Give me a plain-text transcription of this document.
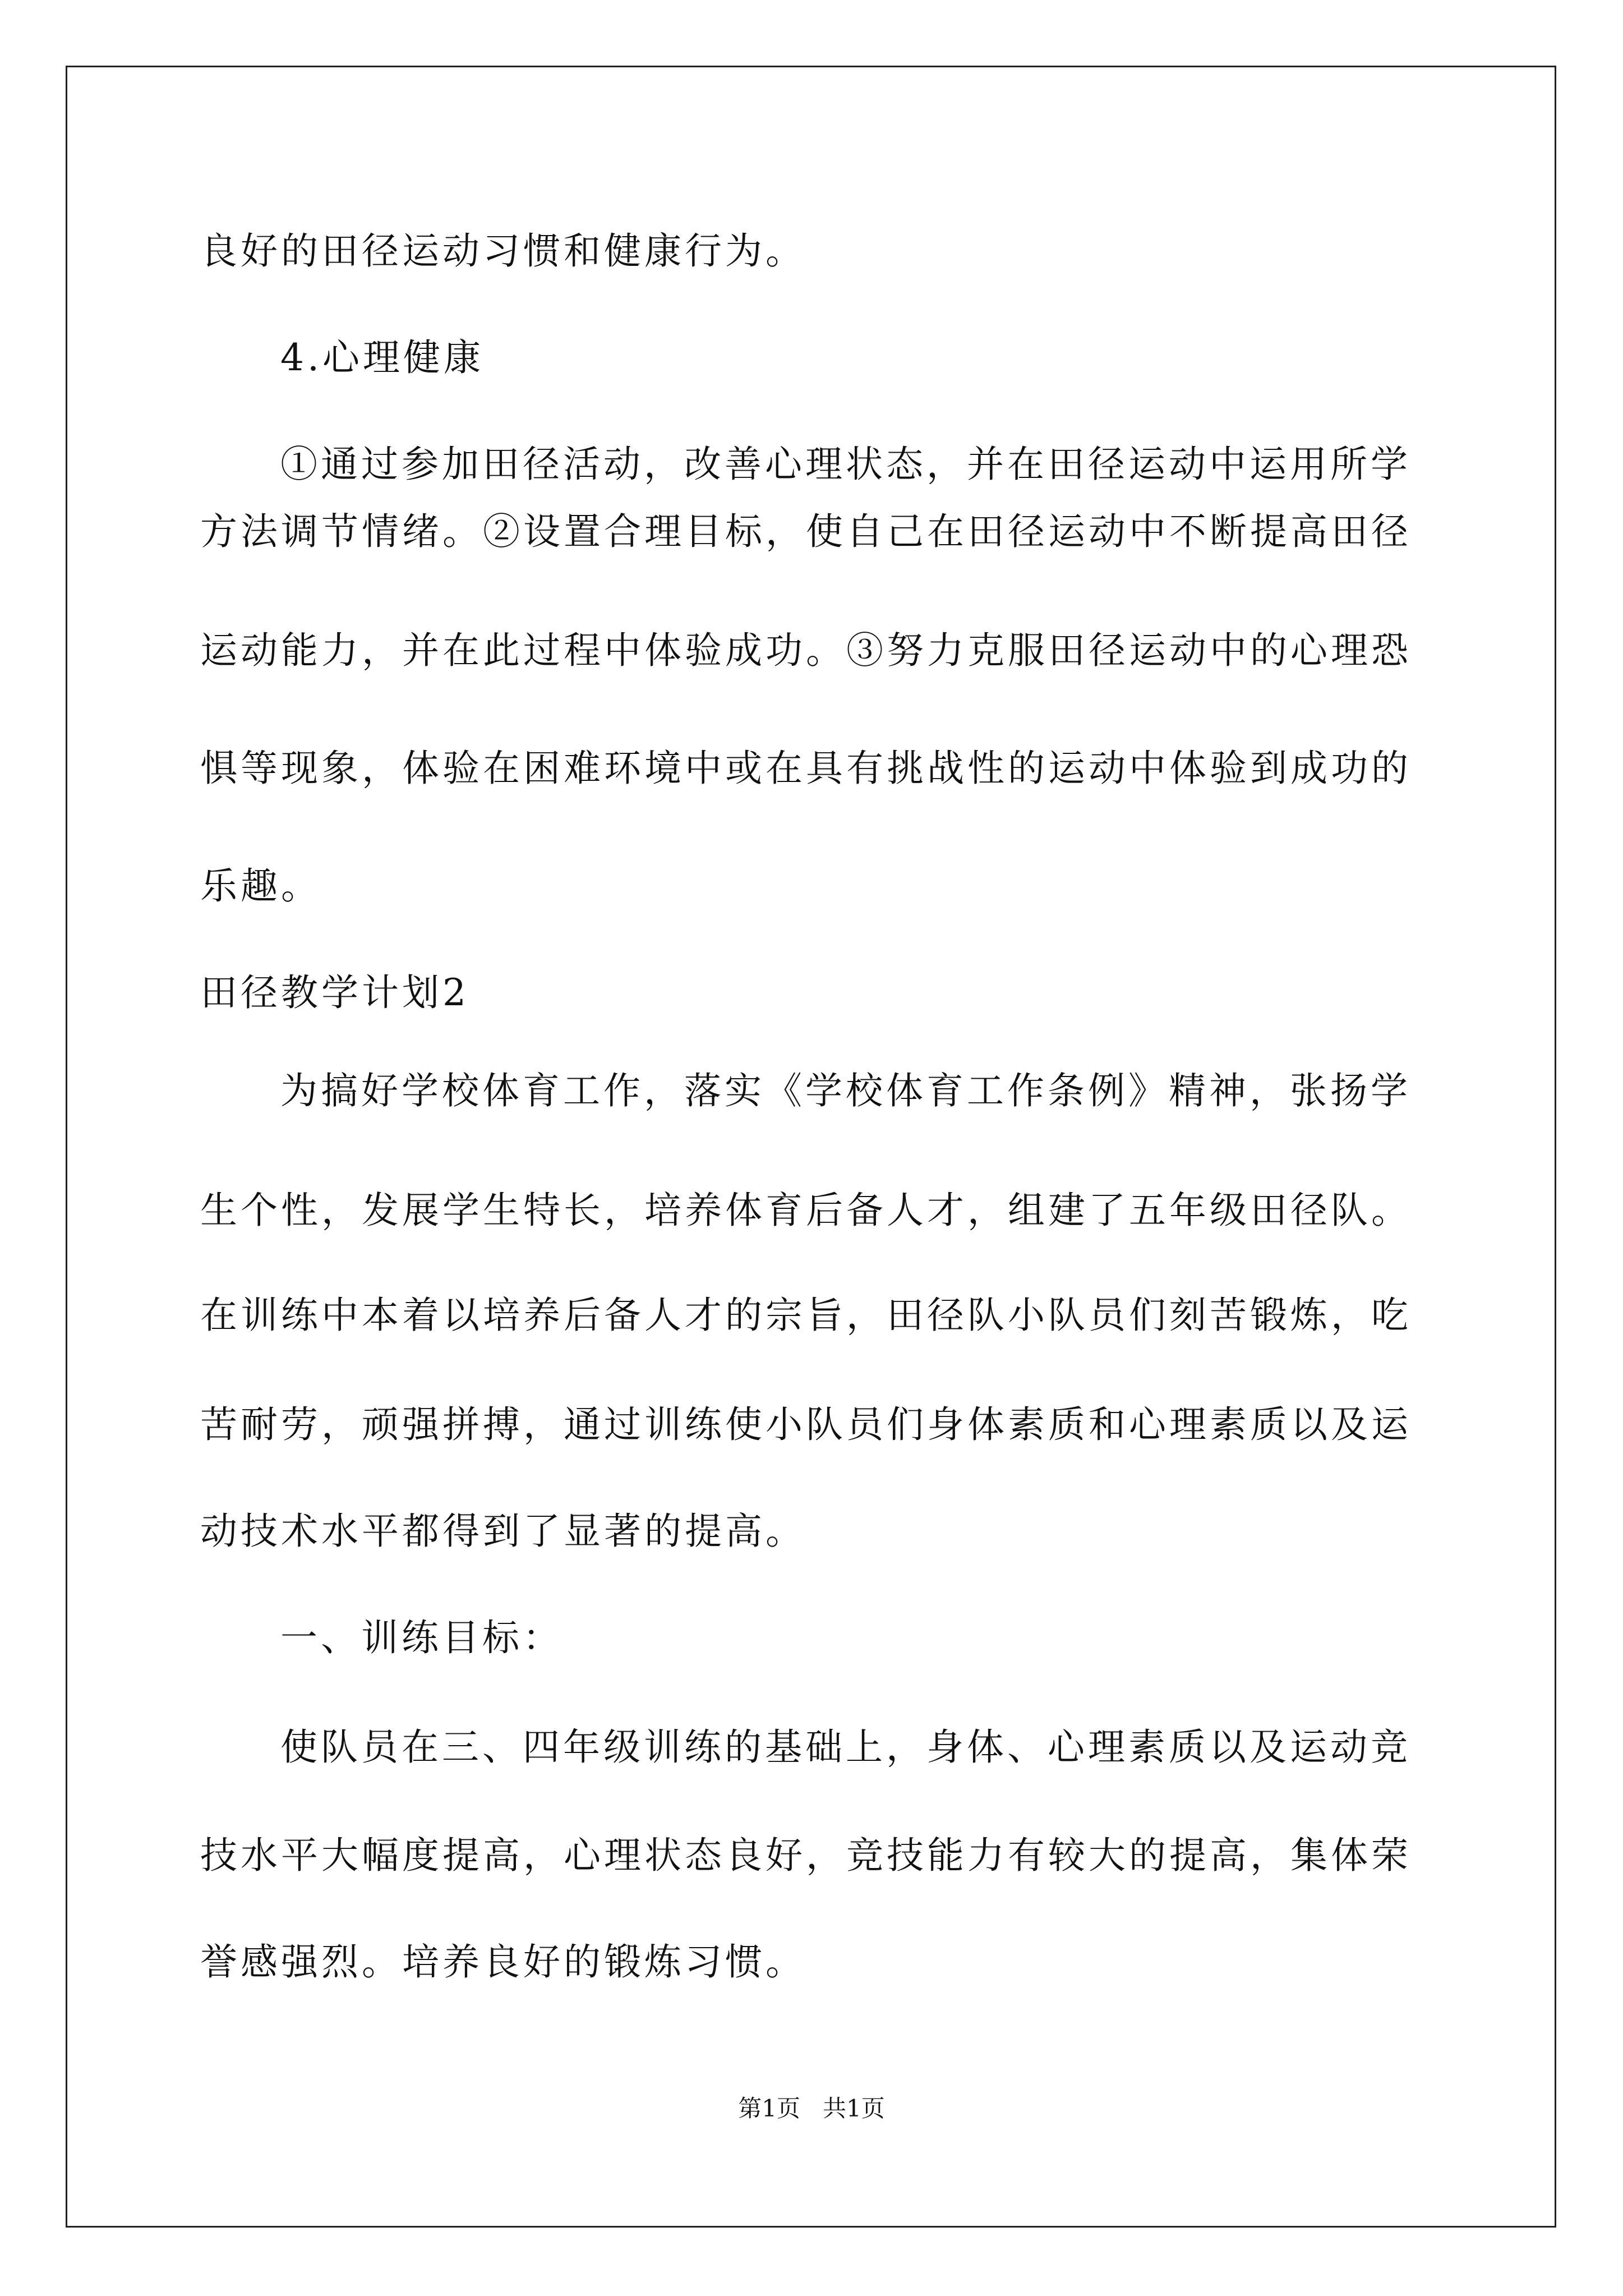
良好的田径运动习惯和健康行为。
4.心理健康
①通过参加田径活动，改善心理状态，并在田径运动中运用所学
方法调节情绪。②设置合理目标，使自己在田径运动中不断提高田径
运动能力，并在此过程中体验成功。③努力克服田径运动中的心理恐
惧等现象，体验在困难环境中或在具有挑战性的运动中体验到成功的
乐趣。
田径教学计划2
为搞好学校体育工作，落实《学校体育工作条例》精神，张扬学
生个性，发展学生特长，培养体育后备人才，组建了五年级田径队。
在训练中本着以培养后备人才的宗旨，田径队小队员们刻苦锻炼，吃
苦耐劳，顽强拼搏，通过训练使小队员们身体素质和心理素质以及运
动技术水平都得到了显著的提高。
一、训练目标：
使队员在三、四年级训练的基础上，身体、心理素质以及运动竞
技水平大幅度提高，心理状态良好，竞技能力有较大的提高，集体荣
誉感强烈。培养良好的锻炼习惯。
第1页   共1页
